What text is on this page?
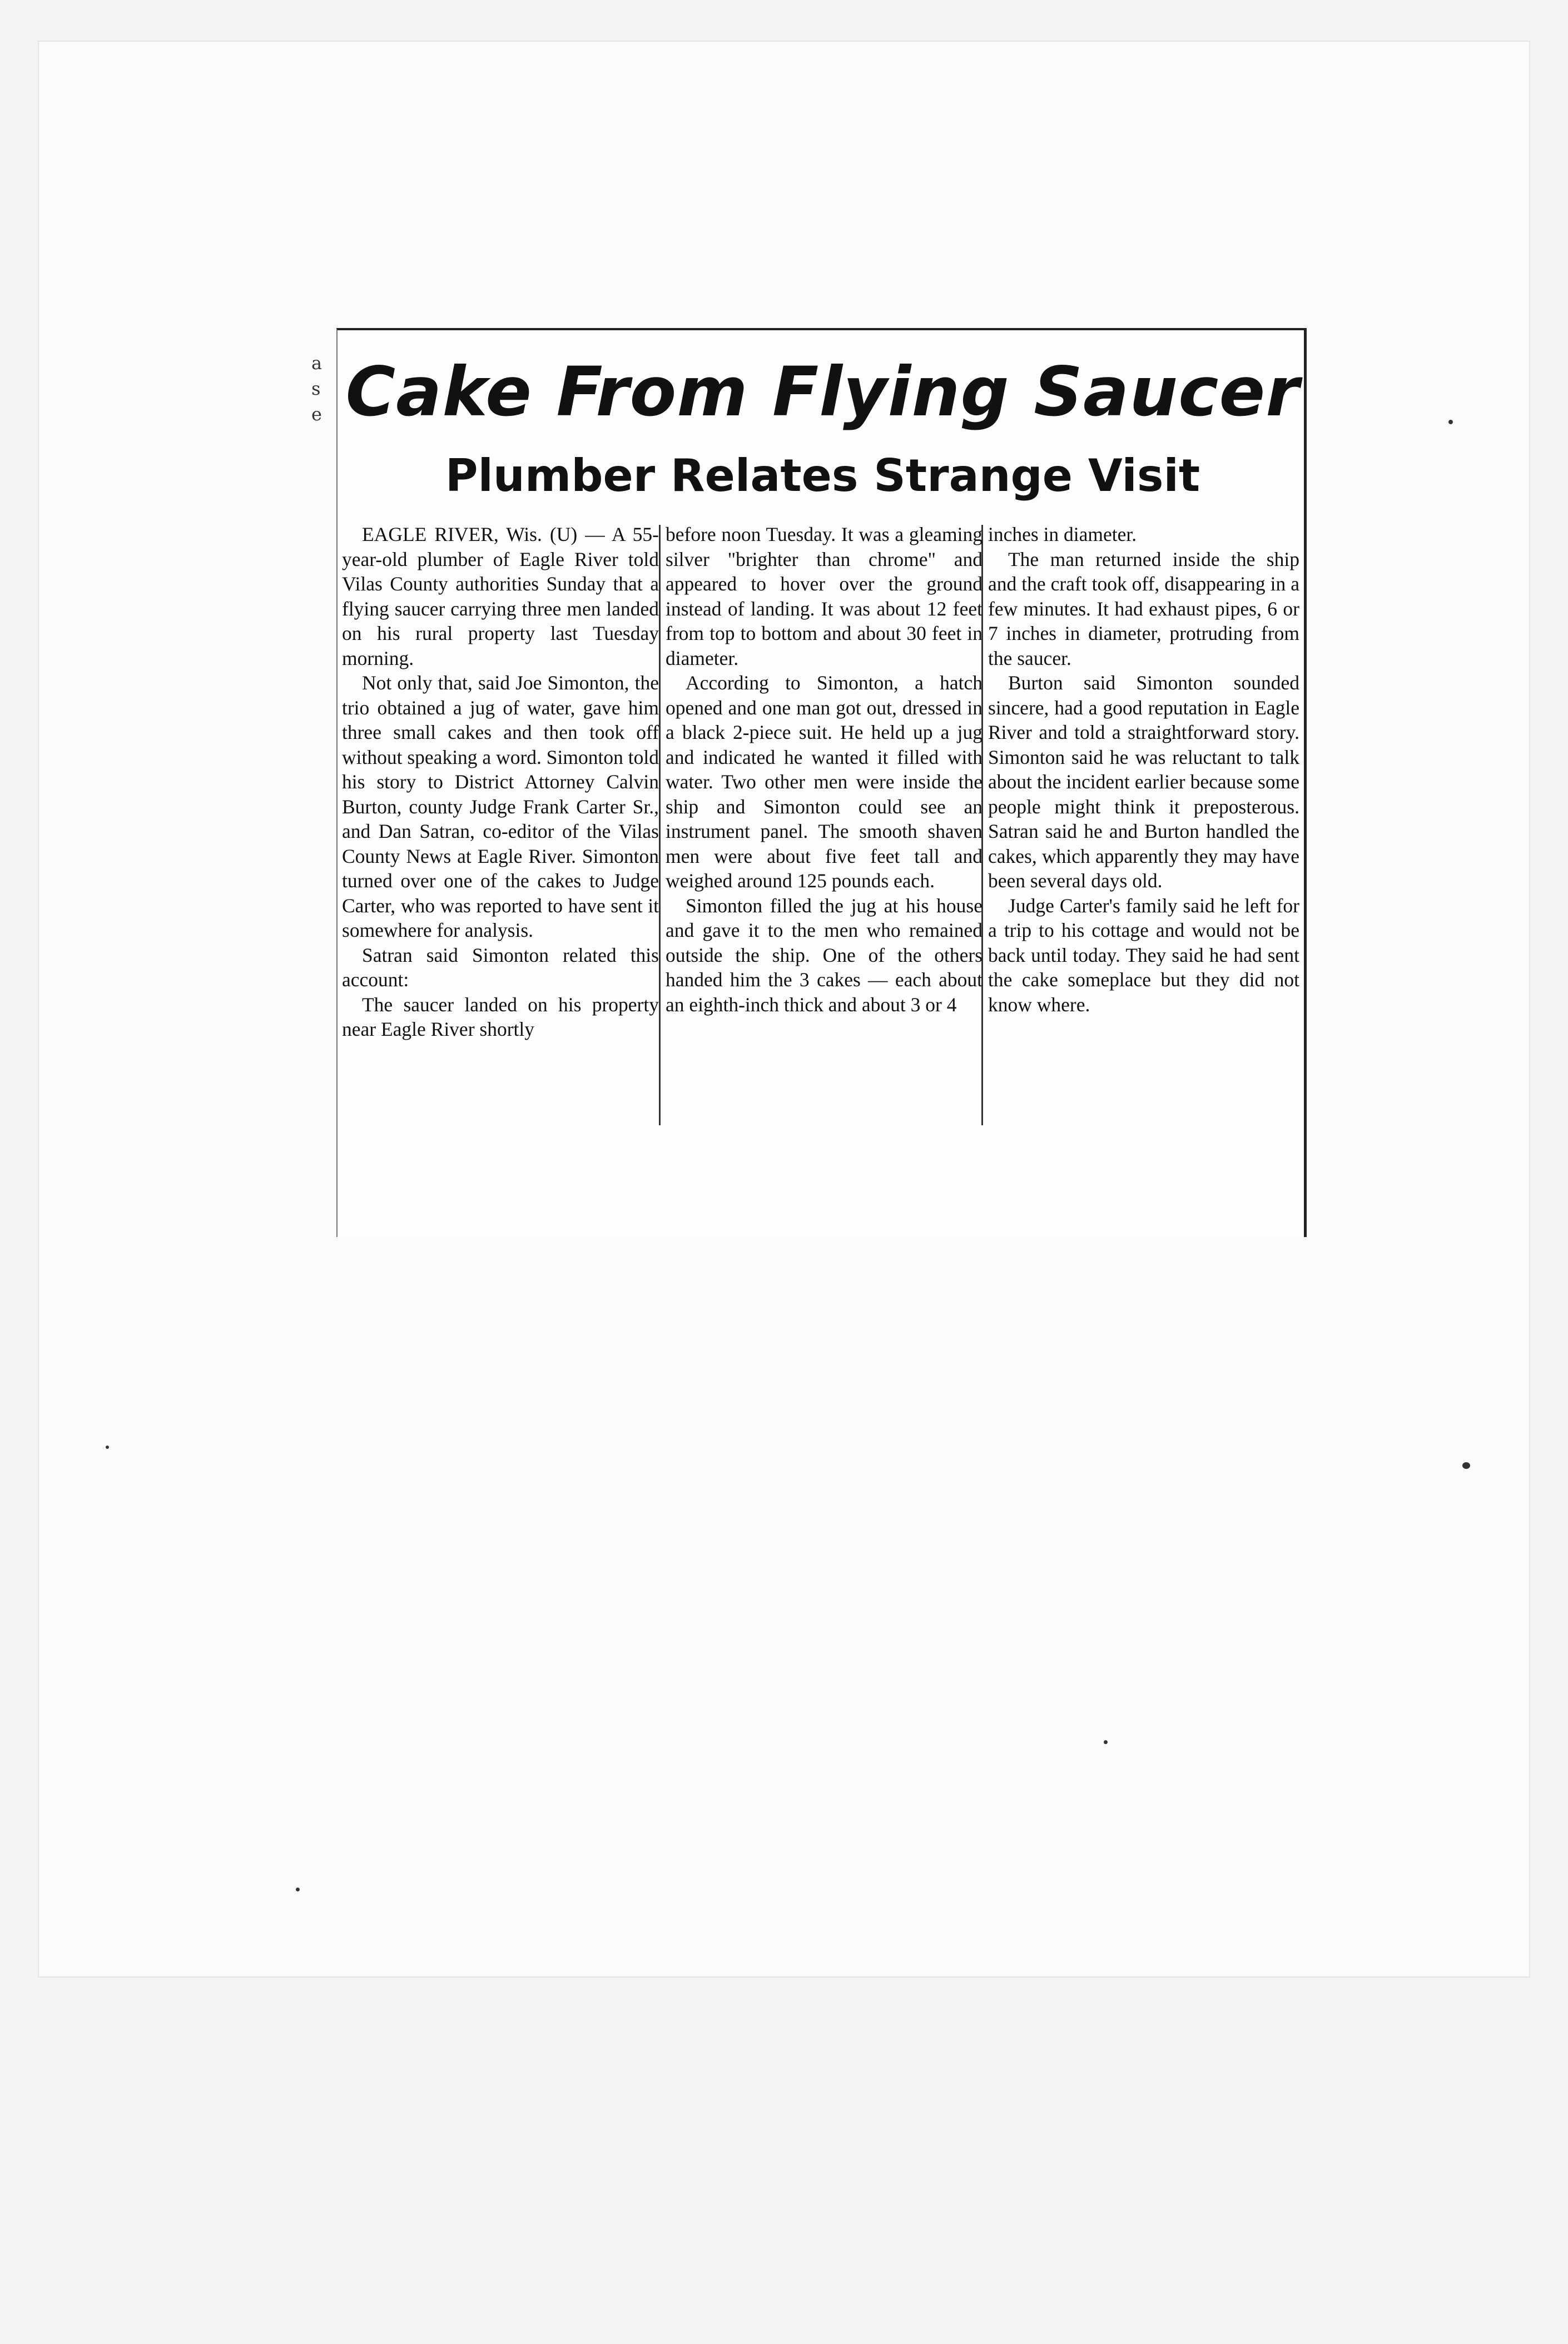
a s e Cake From Flying Saucer
Plumber Relates Strange Visit

EAGLE RIVER, Wis. (U) — A 55-year-old plumber of Eagle River told Vilas County authorities Sunday that a flying saucer carrying three men landed on his rural property last Tuesday morning.

Not only that, said Joe Simonton, the trio obtained a jug of water, gave him three small cakes and then took off without speaking a word. Simonton told his story to District Attorney Calvin Burton, county Judge Frank Carter Sr., and Dan Satran, co-editor of the Vilas County News at Eagle River. Simonton turned over one of the cakes to Judge Carter, who was reported to have sent it somewhere for analysis.

Satran said Simonton related this account:

The saucer landed on his property near Eagle River shortly

before noon Tuesday. It was a gleaming silver "brighter than chrome" and appeared to hover over the ground instead of landing. It was about 12 feet from top to bottom and about 30 feet in diameter.

According to Simonton, a hatch opened and one man got out, dressed in a black 2-piece suit. He held up a jug and indicated he wanted it filled with water. Two other men were inside the ship and Simonton could see an instrument panel. The smooth shaven men were about five feet tall and weighed around 125 pounds each.

Simonton filled the jug at his house and gave it to the men who remained outside the ship. One of the others handed him the 3 cakes — each about an eighth-inch thick and about 3 or 4

inches in diameter.

The man returned inside the ship and the craft took off, disappearing in a few minutes. It had exhaust pipes, 6 or 7 inches in diameter, protruding from the saucer.

Burton said Simonton sounded sincere, had a good reputation in Eagle River and told a straightforward story. Simonton said he was reluctant to talk about the incident earlier because some people might think it preposterous. Satran said he and Burton handled the cakes, which apparently they may have been several days old.

Judge Carter's family said he left for a trip to his cottage and would not be back until today. They said he had sent the cake someplace but they did not know where.
